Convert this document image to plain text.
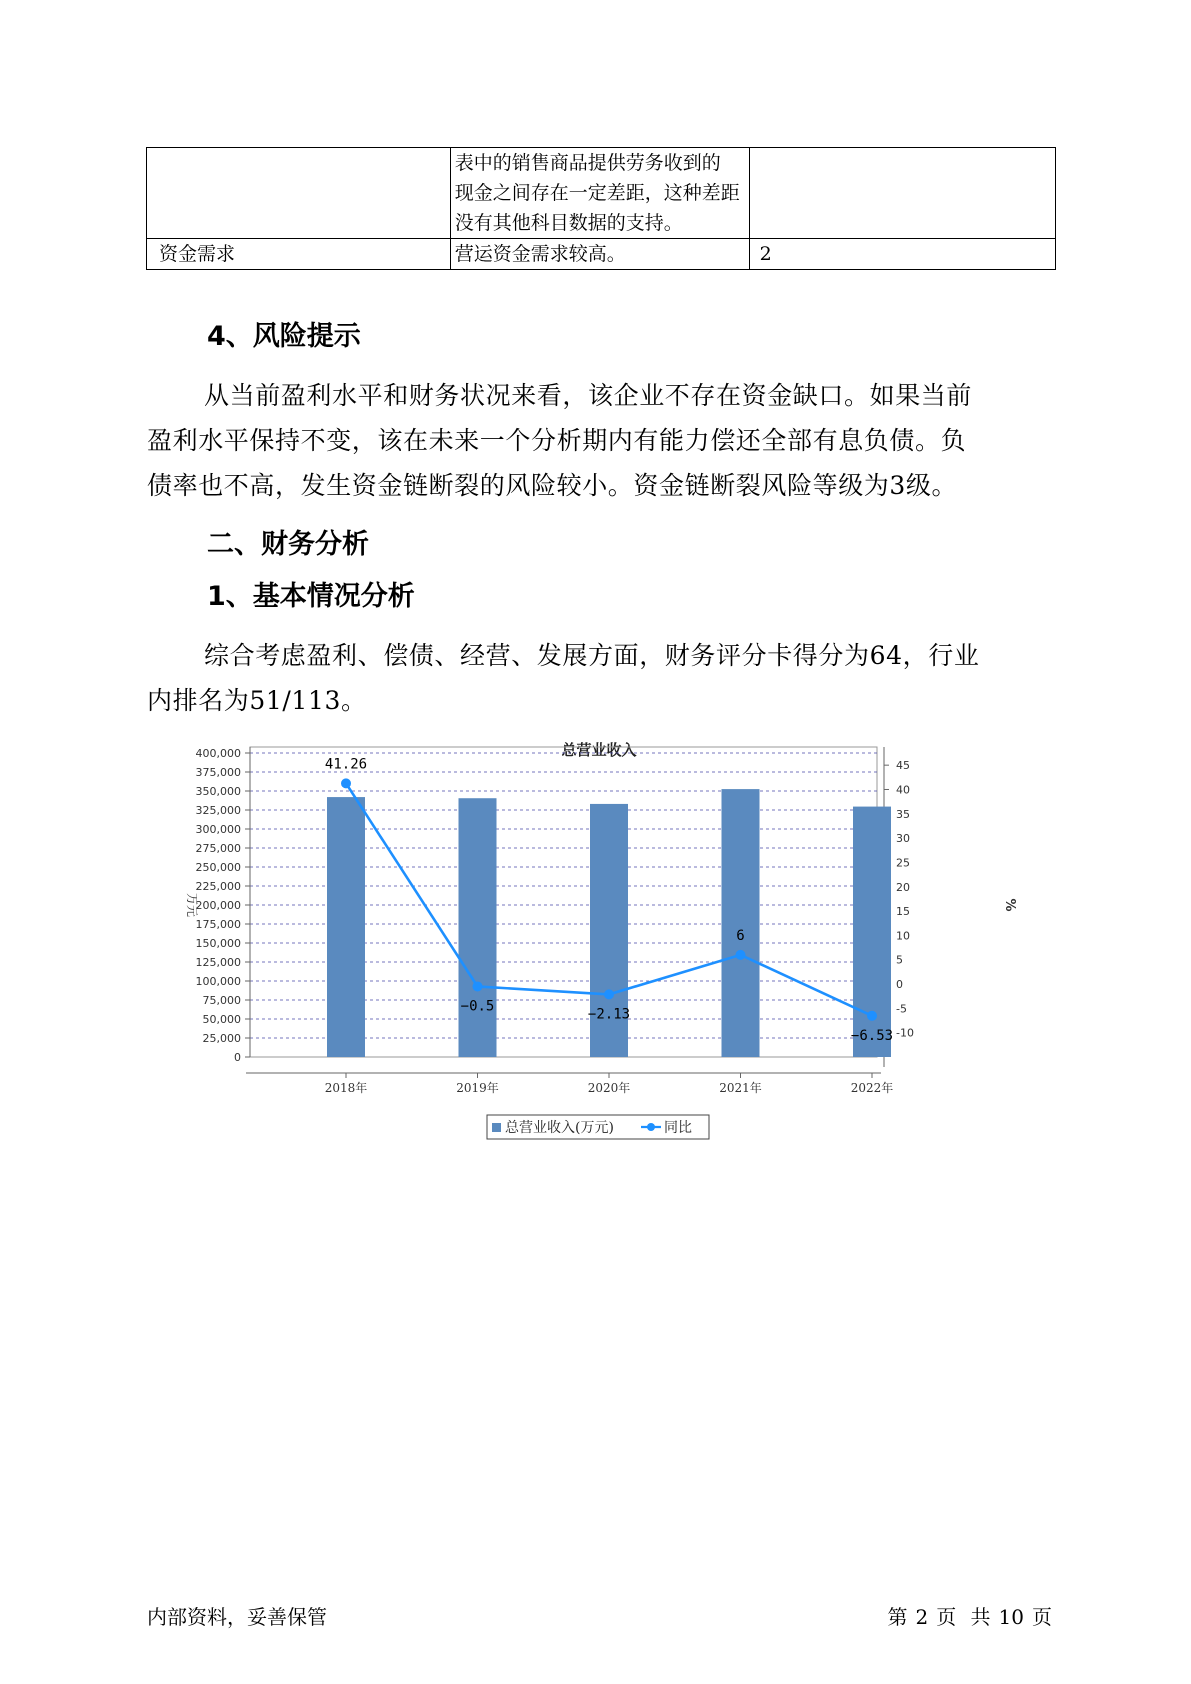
	表中的销售商品提供劳务收到的
现金之间存在一定差距，这种差距
没有其他科目数据的支持。	

资金需求	营运资金需求较高。	2
4、风险提示
从当前盈利水平和财务状况来看，该企业不存在资金缺口。如果当前
盈利水平保持不变，该在未来一个分析期内有能力偿还全部有息负债。负
债率也不高，发生资金链断裂的风险较小。资金链断裂风险等级为3级。
二、财务分析
1、基本情况分析
综合考虑盈利、偿债、经营、发展方面，财务评分卡得分为64，行业
内排名为51/113。
总营业收入
0
25,000
50,000
75,000
100,000
125,000
150,000
175,000
200,000
225,000
250,000
275,000
300,000
325,000
350,000
375,000
400,000
-10
-5
0
5
10
15
20
25
30
35
40
45
万元	%
2018年	2019年	2020年	2021年	2022年
41.26
−0.5	−2.13
6
−6.53
总营业收入(万元)	同比
内部资料，妥善保管	第 2 页 共 10 页
